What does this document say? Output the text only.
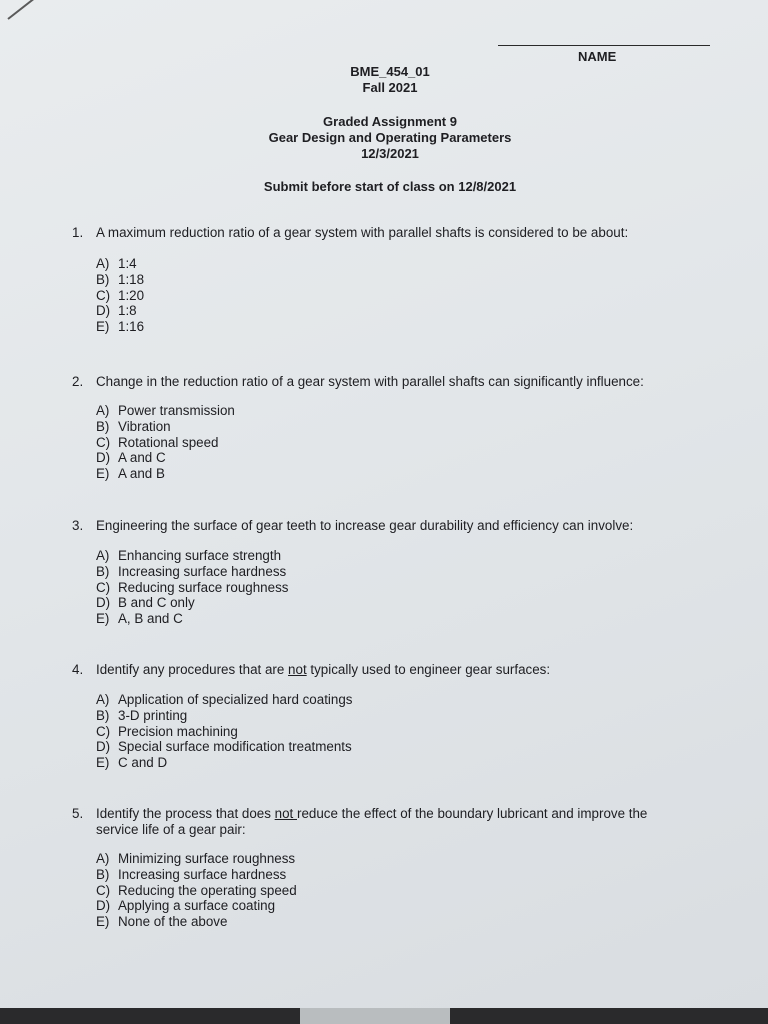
NAME
BME_454_01
Fall 2021
Graded Assignment 9
Gear Design and Operating Parameters
12/3/2021
Submit before start of class on 12/8/2021
1. A maximum reduction ratio of a gear system with parallel shafts is considered to be about:
A) 1:4
B) 1:18
C) 1:20
D) 1:8
E) 1:16
2. Change in the reduction ratio of a gear system with parallel shafts can significantly influence:
A) Power transmission
B) Vibration
C) Rotational speed
D) A and C
E) A and B
3. Engineering the surface of gear teeth to increase gear durability and efficiency can involve:
A) Enhancing surface strength
B) Increasing surface hardness
C) Reducing surface roughness
D) B and C only
E) A, B and C
4. Identify any procedures that are not typically used to engineer gear surfaces:
A) Application of specialized hard coatings
B) 3-D printing
C) Precision machining
D) Special surface modification treatments
E) C and D
5. Identify the process that does not reduce the effect of the boundary lubricant and improve the service life of a gear pair:
A) Minimizing surface roughness
B) Increasing surface hardness
C) Reducing the operating speed
D) Applying a surface coating
E) None of the above
